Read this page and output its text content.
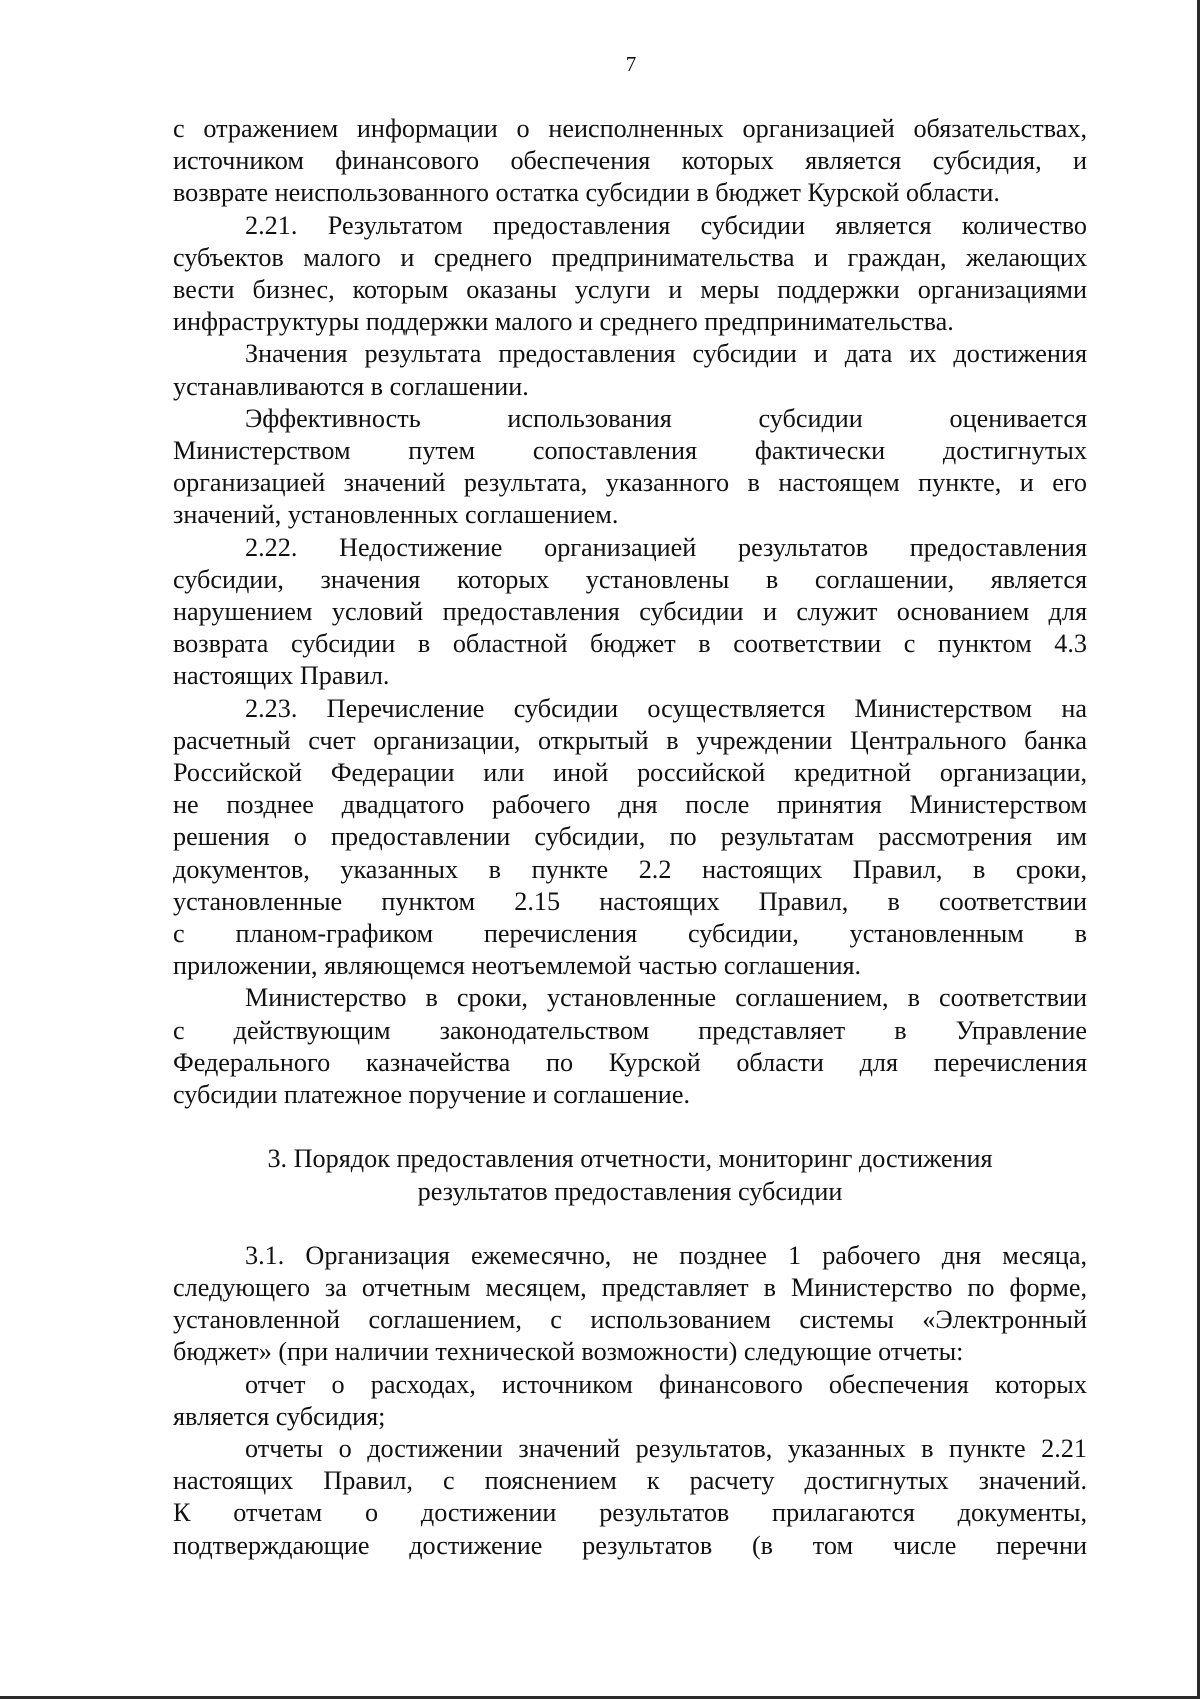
7
с отражением информации о неисполненных организацией обязательствах,
источником финансового обеспечения которых является субсидия, и
возврате неиспользованного остатка субсидии в бюджет Курской области.
2.21. Результатом предоставления субсидии является количество
субъектов малого и среднего предпринимательства и граждан, желающих
вести бизнес, которым оказаны услуги и меры поддержки организациями
инфраструктуры поддержки малого и среднего предпринимательства.
Значения результата предоставления субсидии и дата их достижения
устанавливаются в соглашении.
Эффективность использования субсидии оценивается
Министерством путем сопоставления фактически достигнутых
организацией значений результата, указанного в настоящем пункте, и его
значений, установленных соглашением.
2.22. Недостижение организацией результатов предоставления
субсидии, значения которых установлены в соглашении, является
нарушением условий предоставления субсидии и служит основанием для
возврата субсидии в областной бюджет в соответствии с пунктом 4.3
настоящих Правил.
2.23. Перечисление субсидии осуществляется Министерством на
расчетный счет организации, открытый в учреждении Центрального банка
Российской Федерации или иной российской кредитной организации,
не позднее двадцатого рабочего дня после принятия Министерством
решения о предоставлении субсидии, по результатам рассмотрения им
документов, указанных в пункте 2.2 настоящих Правил, в сроки,
установленные пунктом 2.15 настоящих Правил, в соответствии
с планом-графиком перечисления субсидии, установленным в
приложении, являющемся неотъемлемой частью соглашения.
Министерство в сроки, установленные соглашением, в соответствии
с действующим законодательством представляет в Управление
Федерального казначейства по Курской области для перечисления
субсидии платежное поручение и соглашение.
3. Порядок предоставления отчетности, мониторинг достижения
результатов предоставления субсидии
3.1. Организация ежемесячно, не позднее 1 рабочего дня месяца,
следующего за отчетным месяцем, представляет в Министерство по форме,
установленной соглашением, с использованием системы «Электронный
бюджет» (при наличии технической возможности) следующие отчеты:
отчет о расходах, источником финансового обеспечения которых
является субсидия;
отчеты о достижении значений результатов, указанных в пункте 2.21
настоящих Правил, с пояснением к расчету достигнутых значений.
К отчетам о достижении результатов прилагаются документы,
подтверждающие достижение результатов (в том числе перечни
